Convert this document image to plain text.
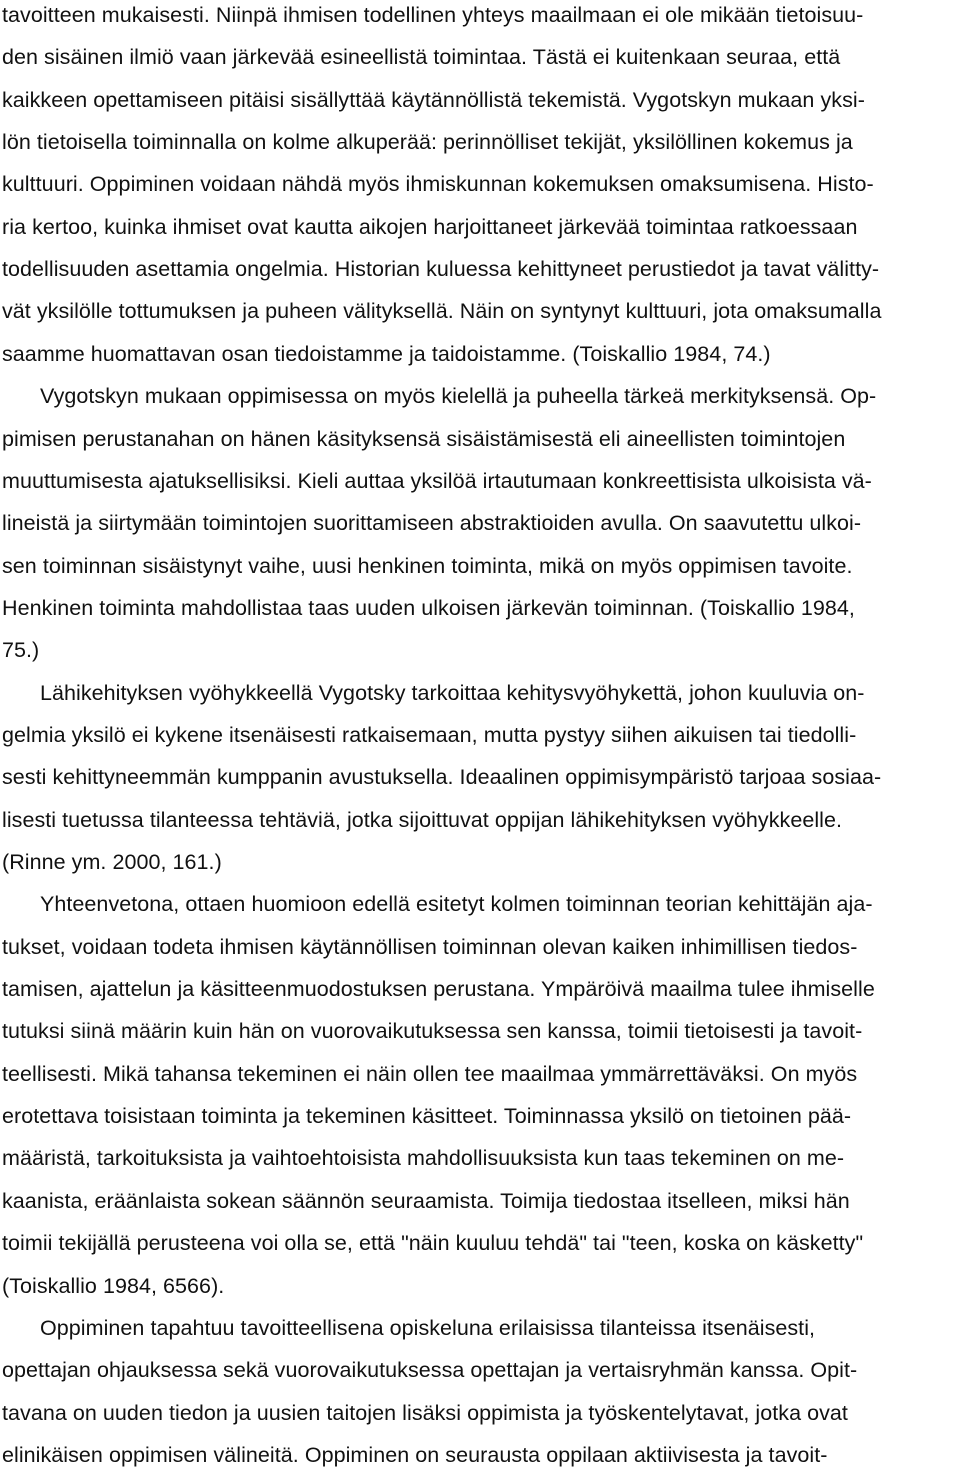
tavoitteen mukaisesti. Niinpä ihmisen todellinen yhteys maailmaan ei ole mikään tietoisuu-
den sisäinen ilmiö vaan järkevää esineellistä toimintaa. Tästä ei kuitenkaan seuraa, että
kaikkeen opettamiseen pitäisi sisällyttää käytännöllistä tekemistä. Vygotskyn mukaan yksi-
lön tietoisella toiminnalla on kolme alkuperää: perinnölliset tekijät, yksilöllinen kokemus ja
kulttuuri. Oppiminen voidaan nähdä myös ihmiskunnan kokemuksen omaksumisena. Histo-
ria kertoo, kuinka ihmiset ovat kautta aikojen harjoittaneet järkevää toimintaa ratkoessaan
todellisuuden asettamia ongelmia. Historian kuluessa kehittyneet perustiedot ja tavat välitty-
vät yksilölle tottumuksen ja puheen välityksellä. Näin on syntynyt kulttuuri, jota omaksumalla
saamme huomattavan osan tiedoistamme ja taidoistamme. (Toiskallio 1984, 74.)
Vygotskyn mukaan oppimisessa on myös kielellä ja puheella tärkeä merkityksensä. Op-
pimisen perustanahan on hänen käsityksensä sisäistämisestä eli aineellisten toimintojen
muuttumisesta ajatuksellisiksi. Kieli auttaa yksilöä irtautumaan konkreettisista ulkoisista vä-
lineistä ja siirtymään toimintojen suorittamiseen abstraktioiden avulla. On saavutettu ulkoi-
sen toiminnan sisäistynyt vaihe, uusi henkinen toiminta, mikä on myös oppimisen tavoite.
Henkinen toiminta mahdollistaa taas uuden ulkoisen järkevän toiminnan. (Toiskallio 1984,
75.)
Lähikehityksen vyöhykkeellä Vygotsky tarkoittaa kehitysvyöhykettä, johon kuuluvia on-
gelmia yksilö ei kykene itsenäisesti ratkaisemaan, mutta pystyy siihen aikuisen tai tiedolli-
sesti kehittyneemmän kumppanin avustuksella. Ideaalinen oppimisympäristö tarjoaa sosiaa-
lisesti tuetussa tilanteessa tehtäviä, jotka sijoittuvat oppijan lähikehityksen vyöhykkeelle.
(Rinne ym. 2000, 161.)
Yhteenvetona, ottaen huomioon edellä esitetyt kolmen toiminnan teorian kehittäjän aja-
tukset, voidaan todeta ihmisen käytännöllisen toiminnan olevan kaiken inhimillisen tiedos-
tamisen, ajattelun ja käsitteenmuodostuksen perustana. Ympäröivä maailma tulee ihmiselle
tutuksi siinä määrin kuin hän on vuorovaikutuksessa sen kanssa, toimii tietoisesti ja tavoit-
teellisesti. Mikä tahansa tekeminen ei näin ollen tee maailmaa ymmärrettäväksi. On myös
erotettava toisistaan toiminta ja tekeminen käsitteet. Toiminnassa yksilö on tietoinen pää-
määristä, tarkoituksista ja vaihtoehtoisista mahdollisuuksista kun taas tekeminen on me-
kaanista, eräänlaista sokean säännön seuraamista. Toimija tiedostaa itselleen, miksi hän
toimii tekijällä perusteena voi olla se, että "näin kuuluu tehdä" tai "teen, koska on käsketty"
(Toiskallio 1984, 6566).
Oppiminen tapahtuu tavoitteellisena opiskeluna erilaisissa tilanteissa itsenäisesti,
opettajan ohjauksessa sekä vuorovaikutuksessa opettajan ja vertaisryhmän kanssa. Opit-
tavana on uuden tiedon ja uusien taitojen lisäksi oppimista ja työskentelytavat, jotka ovat
elinikäisen oppimisen välineitä. Oppiminen on seurausta oppilaan aktiivisesta ja tavoit-
